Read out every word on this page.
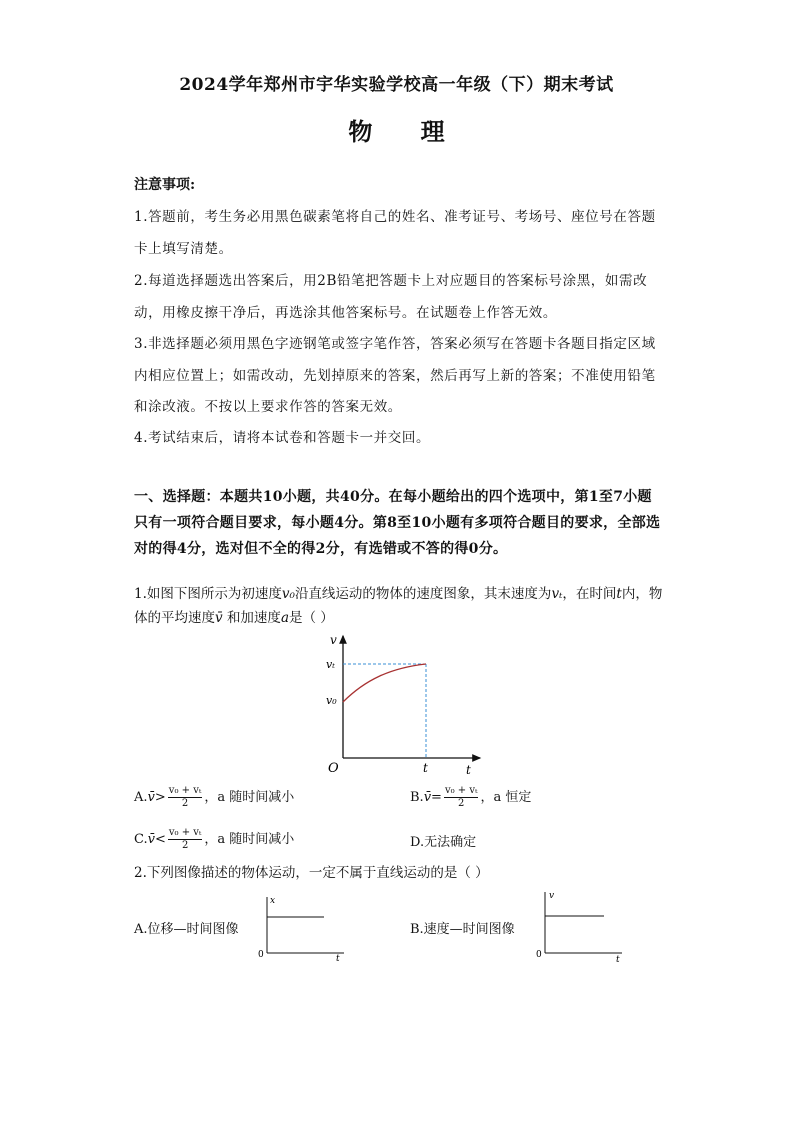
2024学年郑州市宇华实验学校高一年级（下）期末考试
物 理
注意事项:
1.答题前，考生务必用黑色碳素笔将自己的姓名、准考证号、考场号、座位号在答题卡上填写清楚。
2.每道选择题选出答案后，用2B铅笔把答题卡上对应题目的答案标号涂黑，如需改动，用橡皮擦干净后，再选涂其他答案标号。在试题卷上作答无效。
3.非选择题必须用黑色字迹钢笔或签字笔作答，答案必须写在答题卡各题目指定区域内相应位置上；如需改动，先划掉原来的答案，然后再写上新的答案；不准使用铅笔和涂改液。不按以上要求作答的答案无效。
4.考试结束后，请将本试卷和答题卡一并交回。
一、选择题：本题共10小题，共40分。在每小题给出的四个选项中，第1至7小题只有一项符合题目要求，每小题4分。第8至10小题有多项符合题目的要求，全部选对的得4分，选对但不全的得2分，有选错或不答的得0分。
1.如图下图所示为初速度v₀沿直线运动的物体的速度图象，其末速度为vₜ，在时间t内，物体的平均速度v̄ 和加速度a是（ ）
v
vₜ
v₀
O	t	t
A.v̄> $\frac{\text{v₀ + vₜ}}{2}$ ，a 随时间减小	B.v̄= $\frac{\text{v₀ + vₜ}}{2}$ ，a 恒定
C.v̄< $\frac{\text{v₀ + vₜ}}{2}$ ，a 随时间减小	D.无法确定
2.下列图像描述的物体运动，一定不属于直线运动的是（ ）
A.位移—时间图像
x
0	t
B.速度—时间图像
v
0	t
